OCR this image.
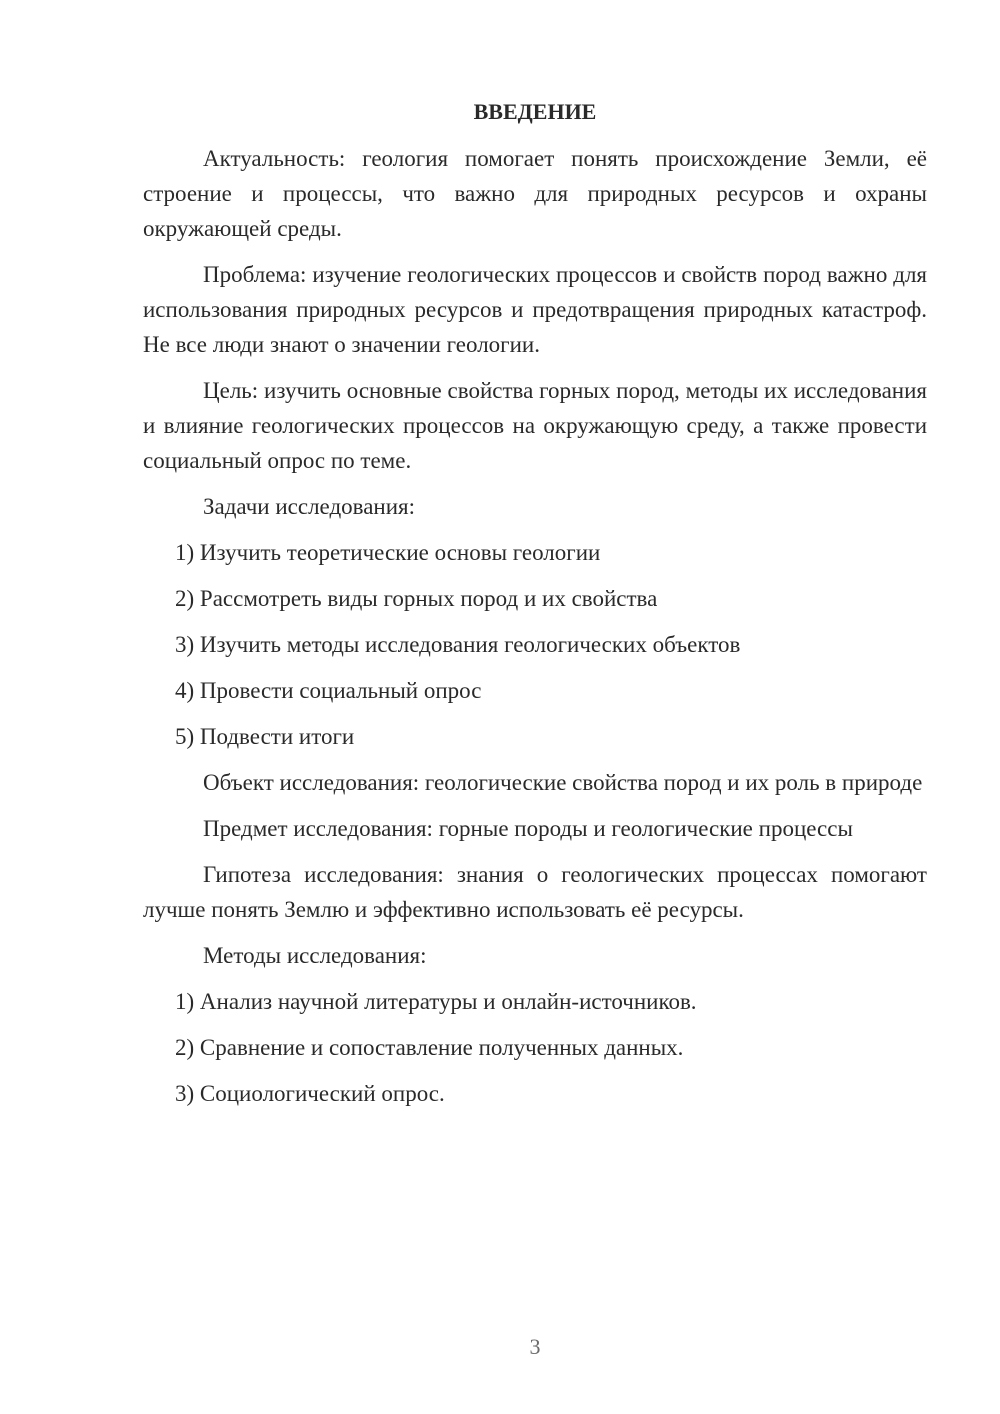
ВВЕДЕНИЕ

Актуальность: геология помогает понять происхождение Земли, её строение и процессы, что важно для природных ресурсов и охраны окружающей среды.

Проблема: изучение геологических процессов и свойств пород важно для использования природных ресурсов и предотвращения природных катастроф. Не все люди знают о значении геологии.

Цель: изучить основные свойства горных пород, методы их исследования и влияние геологических процессов на окружающую среду, а также провести социальный опрос по теме.

Задачи исследования:

1) Изучить теоретические основы геологии

2) Рассмотреть виды горных пород и их свойства

3) Изучить методы исследования геологических объектов

4) Провести социальный опрос

5) Подвести итоги

Объект исследования: геологические свойства пород и их роль в природе

Предмет исследования: горные породы и геологические процессы

Гипотеза исследования: знания о геологических процессах помогают лучше понять Землю и эффективно использовать её ресурсы.

Методы исследования:

1) Анализ научной литературы и онлайн-источников.

2) Сравнение и сопоставление полученных данных.

3) Социологический опрос.

3
